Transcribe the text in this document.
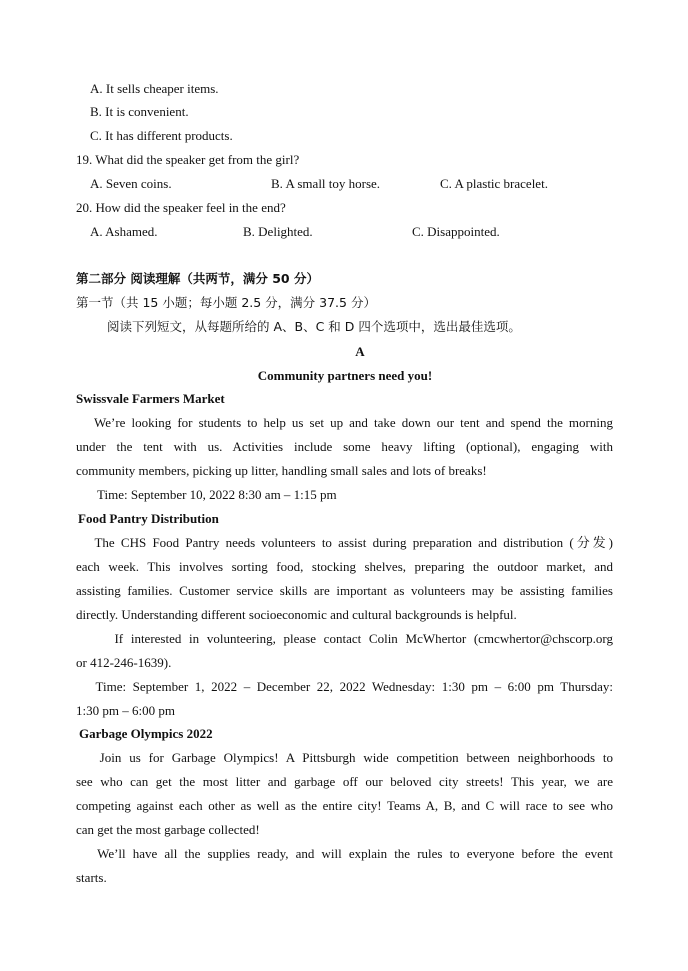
A. It sells cheaper items.
B. It is convenient.
C. It has different products.
19. What did the speaker get from the girl?
A. Seven coins.	B. A small toy horse.	C. A plastic bracelet.
20. How did the speaker feel in the end?
A. Ashamed.	B. Delighted.	C. Disappointed.
第二部分 阅读理解（共两节，满分 50 分）
第一节（共 15 小题；每小题 2.5 分，满分 37.5 分）
阅读下列短文，从每题所给的 A、B、C 和 D 四个选项中，选出最佳选项。
A
Community partners need you!
Swissvale Farmers Market
We’re looking for students to help us set up and take down our tent and spend the morning
under the tent with us. Activities include some heavy lifting (optional), engaging with
community members, picking up litter, handling small sales and lots of breaks!
Time: September 10, 2022 8:30 am – 1:15 pm
Food Pantry Distribution
The CHS Food Pantry needs volunteers to assist during preparation and distribution (分发)
each week. This involves sorting food, stocking shelves, preparing the outdoor market, and
assisting families. Customer service skills are important as volunteers may be assisting families
directly. Understanding different socioeconomic and cultural backgrounds is helpful.
If interested in volunteering, please contact Colin McWhertor (cmcwhertor@chscorp.org
or 412-246-1639).
Time: September 1, 2022 – December 22, 2022 Wednesday: 1:30 pm – 6:00 pm Thursday:
1:30 pm – 6:00 pm
Garbage Olympics 2022
Join us for Garbage Olympics! A Pittsburgh wide competition between neighborhoods to
see who can get the most litter and garbage off our beloved city streets! This year, we are
competing against each other as well as the entire city! Teams A, B, and C will race to see who
can get the most garbage collected!
We’ll have all the supplies ready, and will explain the rules to everyone before the event
starts.
